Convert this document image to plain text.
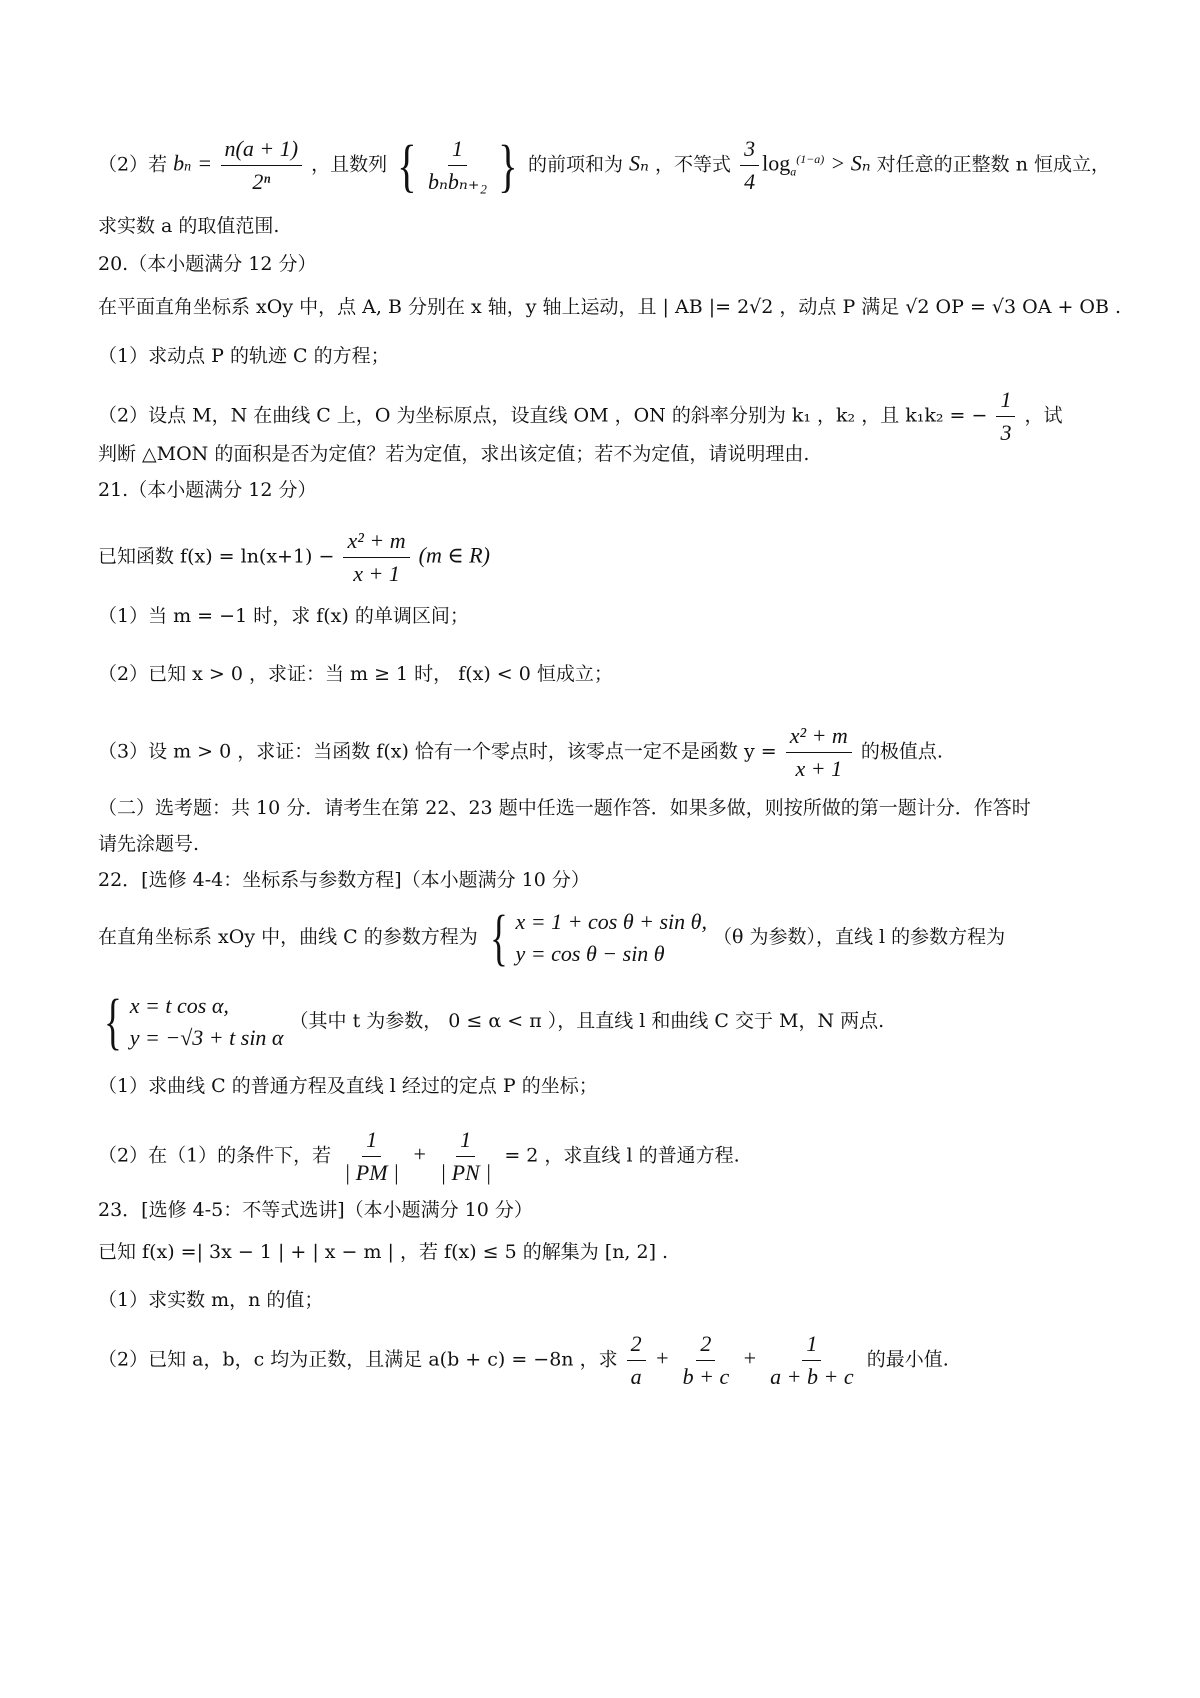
（2）若 bn = $\frac{n(a + 1)}{\text{2ⁿ}}$ ，且数列 { $\frac{1}{\text{bₙbₙ₊₂}}$ } 的前项和为 Sₙ ，不等式 $\frac{3}{4} \log_a^{(1-a)} > S_n$ 对任意的正整数 n 恒成立，
求实数 a 的取值范围.
20.（本小题满分 12 分）
在平面直角坐标系 xOy 中，点 A, B 分别在 x 轴，y 轴上运动，且 | AB |= 2√2 ，动点 P 满足 √2 OP = √3 OA + OB .
（1）求动点 P 的轨迹 C 的方程；
（2）设点 M，N 在曲线 C 上，O 为坐标原点，设直线 OM ，ON 的斜率分别为 k₁ ，k₂ ，且 k₁k₂ = − $\frac{1}{3}$ ，试
判断 △MON 的面积是否为定值？若为定值，求出该定值；若不为定值，请说明理由.
21.（本小题满分 12 分）
已知函数 $f(x) = \ln(x+1) - \frac{\text{x² + m}}{x + 1} (m$ ∈ R)
（1）当 m = −1 时，求 f(x) 的单调区间；
（2）已知 x > 0 ，求证：当 m ≥ 1 时， f(x) < 0 恒成立；
（3）设 m > 0 ，求证：当函数 f(x) 恰有一个零点时，该零点一定不是函数 $y = \frac{\text{x² + m}}{x + 1}$ 的极值点.
（二）选考题：共 10 分．请考生在第 22、23 题中任选一题作答．如果多做，则按所做的第一题计分．作答时
请先涂题号.
22．[选修 4-4：坐标系与参数方程]（本小题满分 10 分）
在直角坐标系 xOy 中，曲线 C 的参数方程为 { x = 1 + cos θ + sin θ,
y = cos θ − sin θ
（θ 为参数），直线 l 的参数方程为
{ x = t cos α,
y = −√3 + t sin α
（其中 t 为参数， 0 ≤ α < π ），且直线 l 和曲线 C 交于 M，N 两点.
（1）求曲线 C 的普通方程及直线 l 经过的定点 P 的坐标；
（2）在（1）的条件下，若 $\frac{1}{| PM |} + \frac{1}{| PN |} = 2$ ，求直线 l 的普通方程.
23．[选修 4-5：不等式选讲]（本小题满分 10 分）
已知 f(x) =| 3x − 1 | + | x − m | ，若 f(x) ≤ 5 的解集为 [n, 2] .
（1）求实数 m，n 的值；
（2）已知 a，b，c 均为正数，且满足 a(b + c) = −8n ，求 $\frac{2}{a} + \frac{2}{b + c} + \frac{1}{a + b + c}$ 的最小值.
